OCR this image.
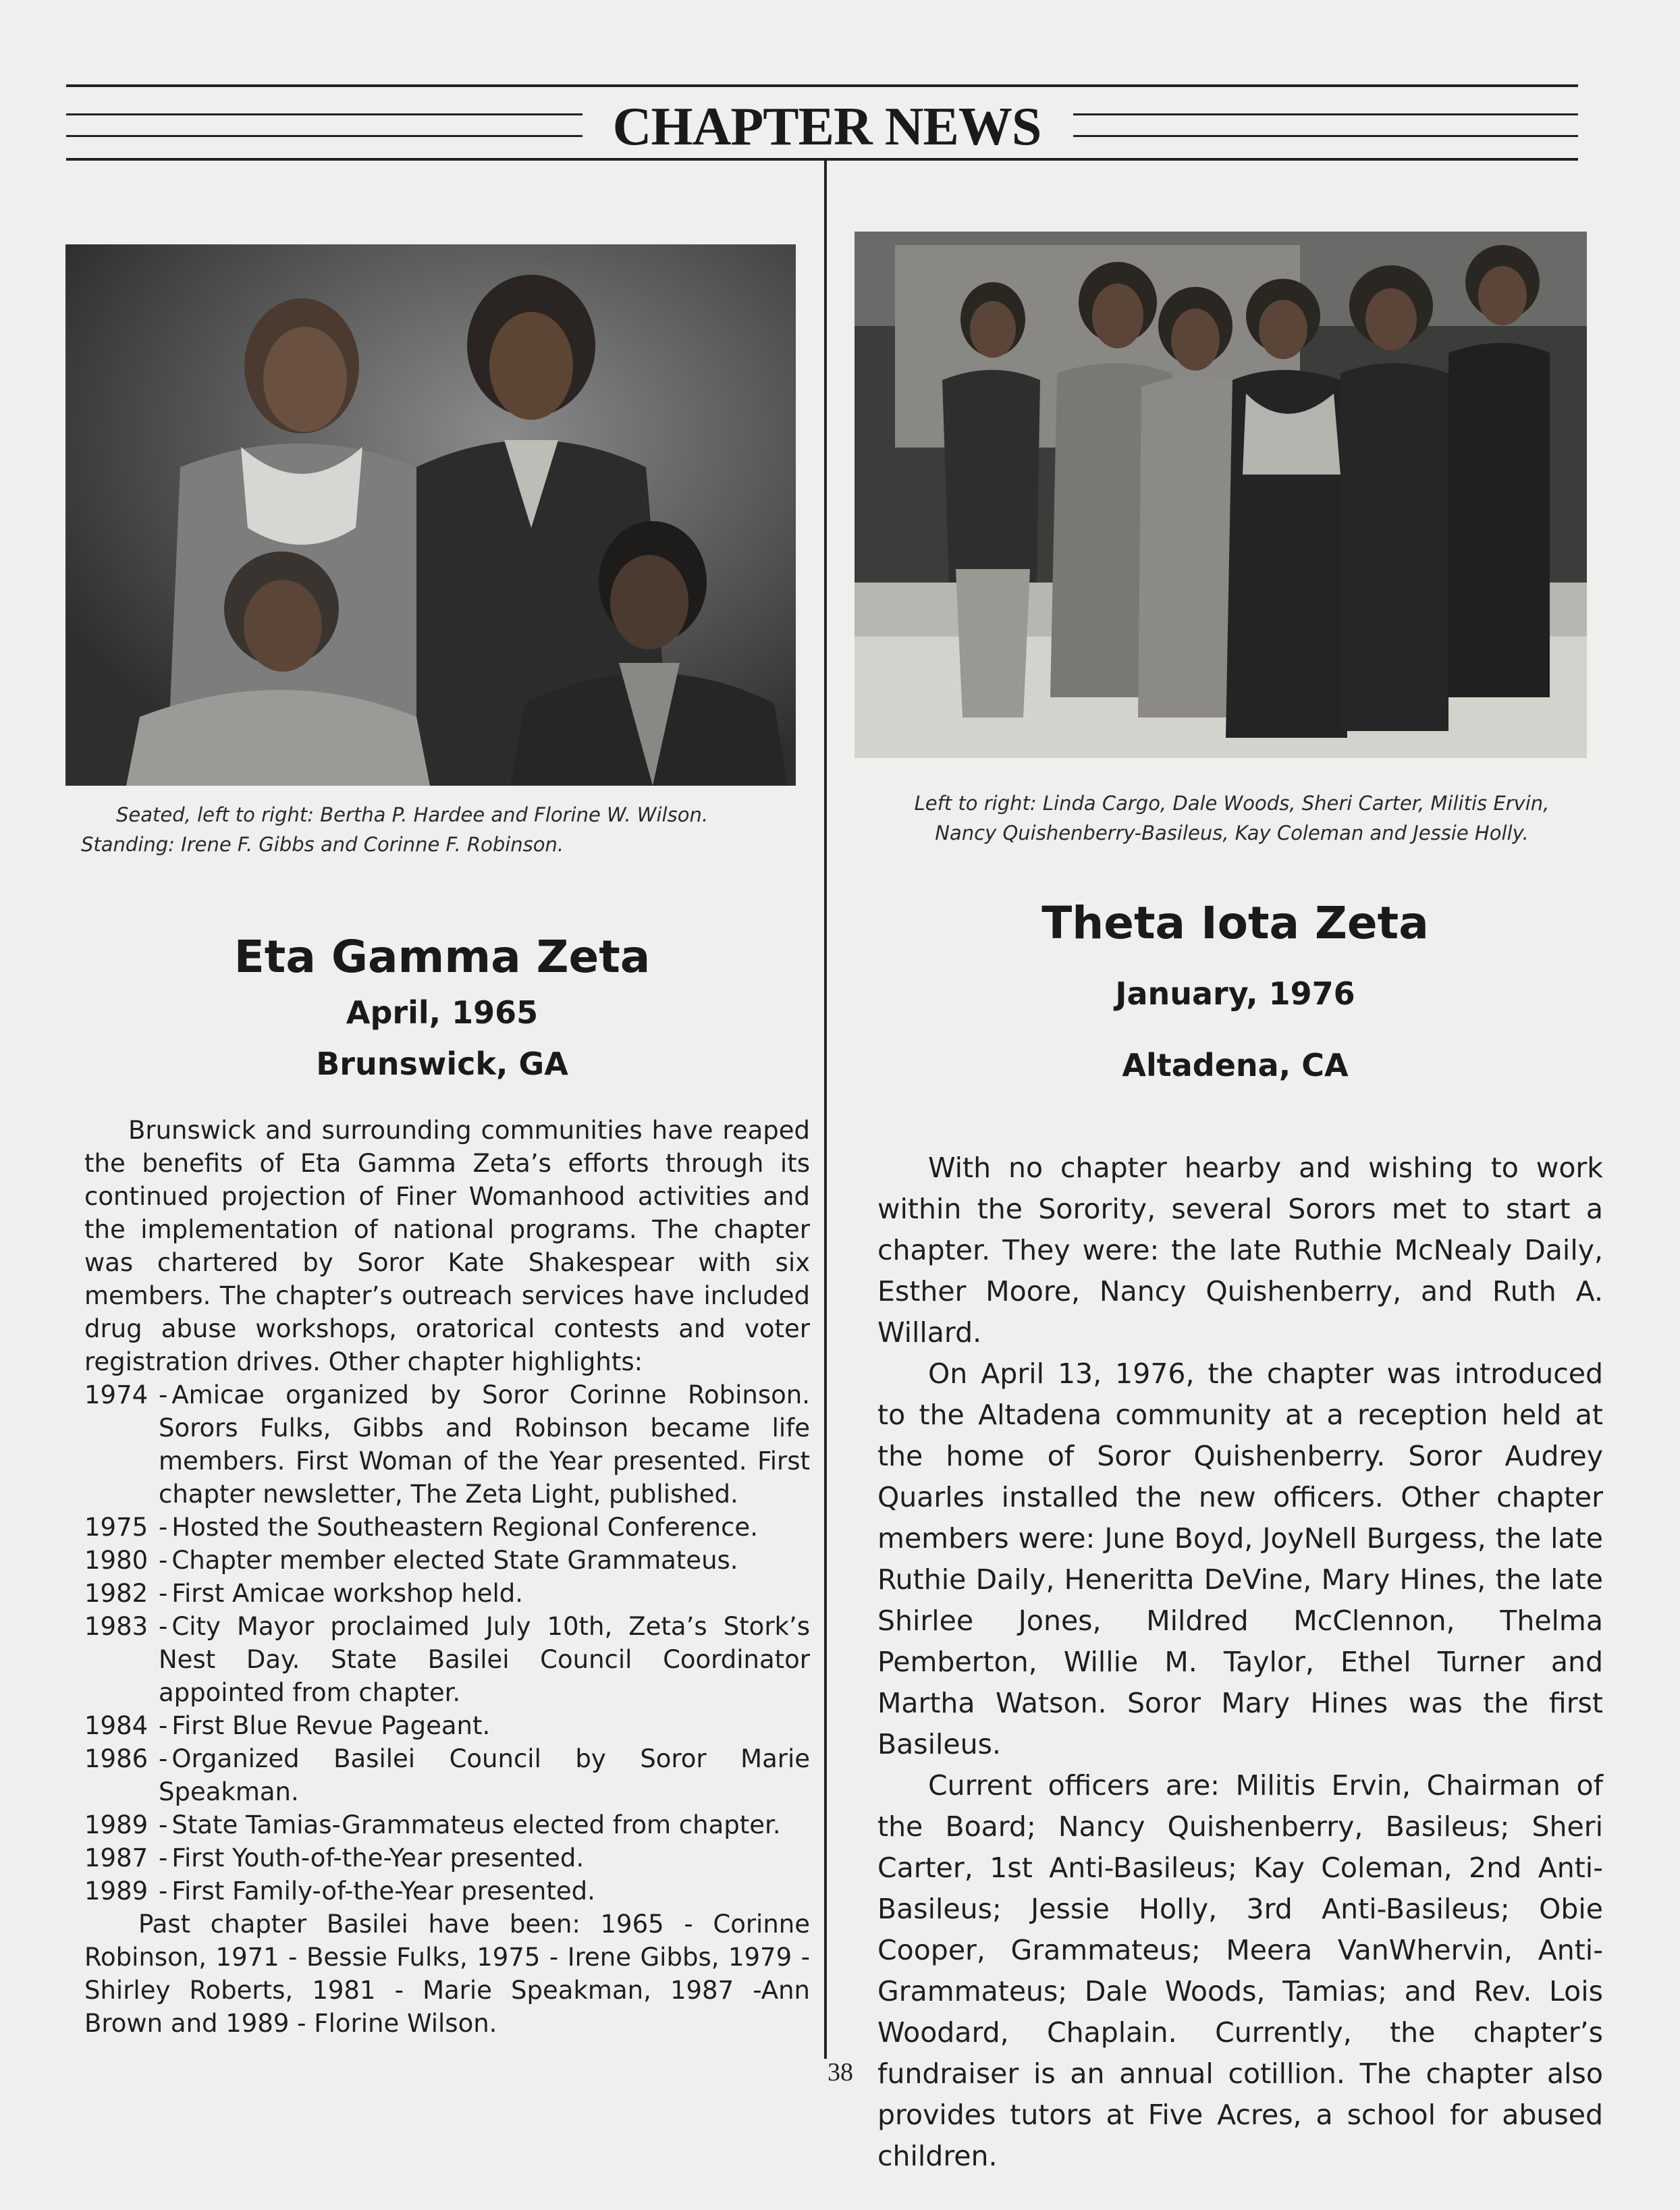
CHAPTER NEWS
Seated, left to right: Bertha P. Hardee and Florine W. Wilson.
Standing: Irene F. Gibbs and Corinne F. Robinson.
Eta Gamma Zeta
April, 1965
Brunswick, GA

Brunswick and surrounding communities have reaped the benefits of Eta Gamma Zeta’s efforts through its continued projection of Finer Womanhood activities and the implementation of national programs. The chapter was chartered by Soror Kate Shakespear with six members. The chapter’s outreach services have included drug abuse workshops, oratorical contests and voter registration drives. Other chapter highlights:

1974 - Amicae organized by Soror Corinne Robinson. Sorors Fulks, Gibbs and Robinson became life members. First Woman of the Year presented. First chapter newsletter, The Zeta Light, published.
1975 - Hosted the Southeastern Regional Conference.
1980 - Chapter member elected State Grammateus.
1982 - First Amicae workshop held.
1983 - City Mayor proclaimed July 10th, Zeta’s Stork’s Nest Day. State Basilei Council Coordinator appointed from chapter.
1984 - First Blue Revue Pageant.
1986 - Organized Basilei Council by Soror Marie Speakman.
1989 - State Tamias-Grammateus elected from chapter.
1987 - First Youth-of-the-Year presented.
1989 - First Family-of-the-Year presented.

Past chapter Basilei have been: 1965 - Corinne Robinson, 1971 - Bessie Fulks, 1975 - Irene Gibbs, 1979 -Shirley Roberts, 1981 - Marie Speakman, 1987 -Ann Brown and 1989 - Florine Wilson.

Left to right: Linda Cargo, Dale Woods, Sheri Carter, Militis Ervin,
Nancy Quishenberry-Basileus, Kay Coleman and Jessie Holly.
Theta Iota Zeta
January, 1976
Altadena, CA

With no chapter hearby and wishing to work within the Sorority, several Sorors met to start a chapter. They were: the late Ruthie McNealy Daily, Esther Moore, Nancy Quishenberry, and Ruth A. Willard.

On April 13, 1976, the chapter was introduced to the Altadena community at a reception held at the home of Soror Quishenberry. Soror Audrey Quarles installed the new officers. Other chapter members were: June Boyd, JoyNell Burgess, the late Ruthie Daily, Heneritta DeVine, Mary Hines, the late Shirlee Jones, Mildred McClennon, Thelma Pemberton, Willie M. Taylor, Ethel Turner and Martha Watson. Soror Mary Hines was the first Basileus.

Current officers are: Militis Ervin, Chairman of the Board; Nancy Quishenberry, Basileus; Sheri Carter, 1st Anti-Basileus; Kay Coleman, 2nd Anti-Basileus; Jessie Holly, 3rd Anti-Basileus; Obie Cooper, Grammateus; Meera VanWhervin, Anti-Grammateus; Dale Woods, Tamias; and Rev. Lois Woodard, Chaplain. Currently, the chapter’s fundraiser is an annual cotillion. The chapter also provides tutors at Five Acres, a school for abused children.

38
